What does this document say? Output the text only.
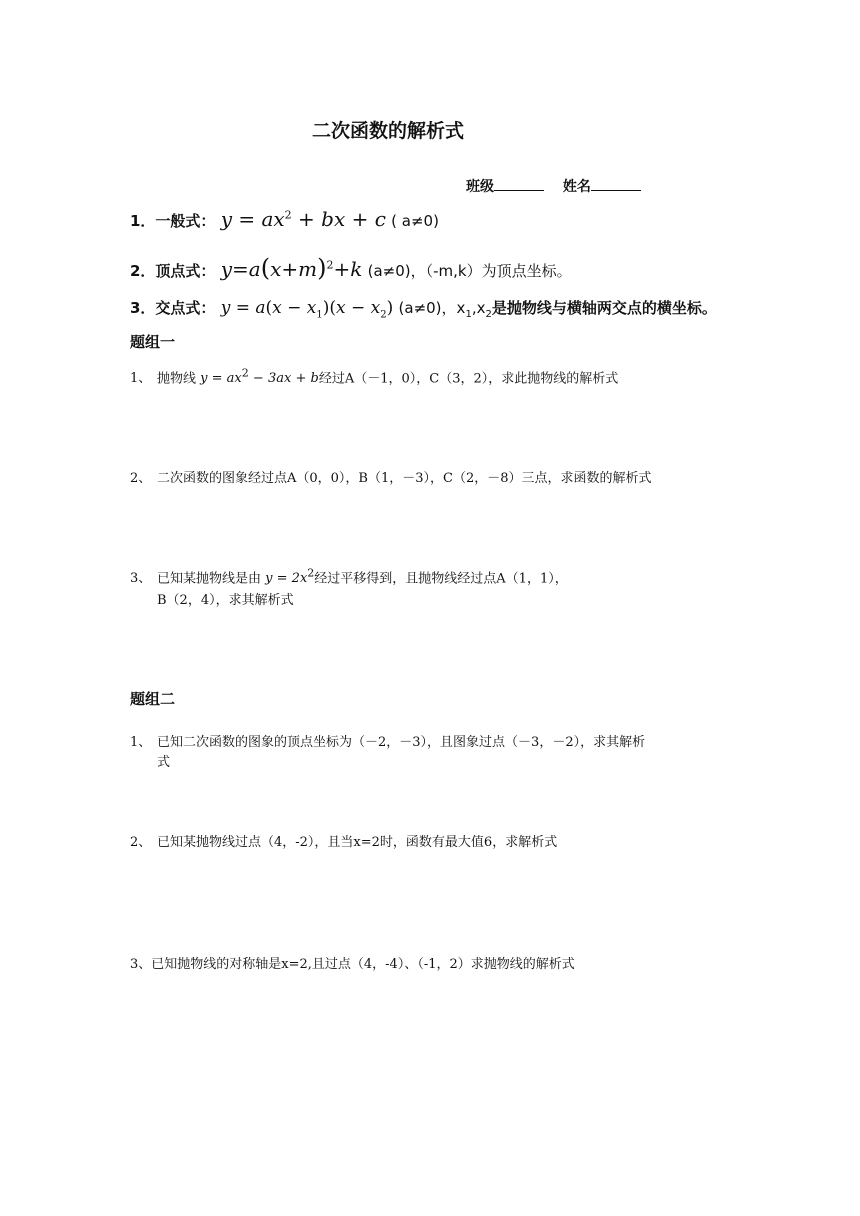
二次函数的解析式
班级	姓名
1．一般式： $y = ax^2$ + bx + c ( a≠0)
2．顶点式： $y=a(x+m)^2+k$ (a≠0)，（-m,k）为顶点坐标。
3．交点式： $y = a(x - x_1)(x - x_2)$ (a≠0)，$x_1,x_2$是抛物线与横轴两交点的横坐标。
题组一
1、 抛物线 $y = ax^2 - 3ax + b$经过A（－1，0），C（3，2），求此抛物线的解析式
2、 二次函数的图象经过点A（0，0），B（1，－3），C（2，－8）三点，求函数的解析式
3、 已知某抛物线是由 $y = 2x^2$经过平移得到，且抛物线经过点A（1，1），
B（2，4），求其解析式
题组二
1、 已知二次函数的图象的顶点坐标为（－2，－3），且图象过点（－3，－2），求其解析
式
2、 已知某抛物线过点（4，-2），且当x=2时，函数有最大值6，求解析式
3、已知抛物线的对称轴是x=2,且过点（4，-4）、（-1，2）求抛物线的解析式
